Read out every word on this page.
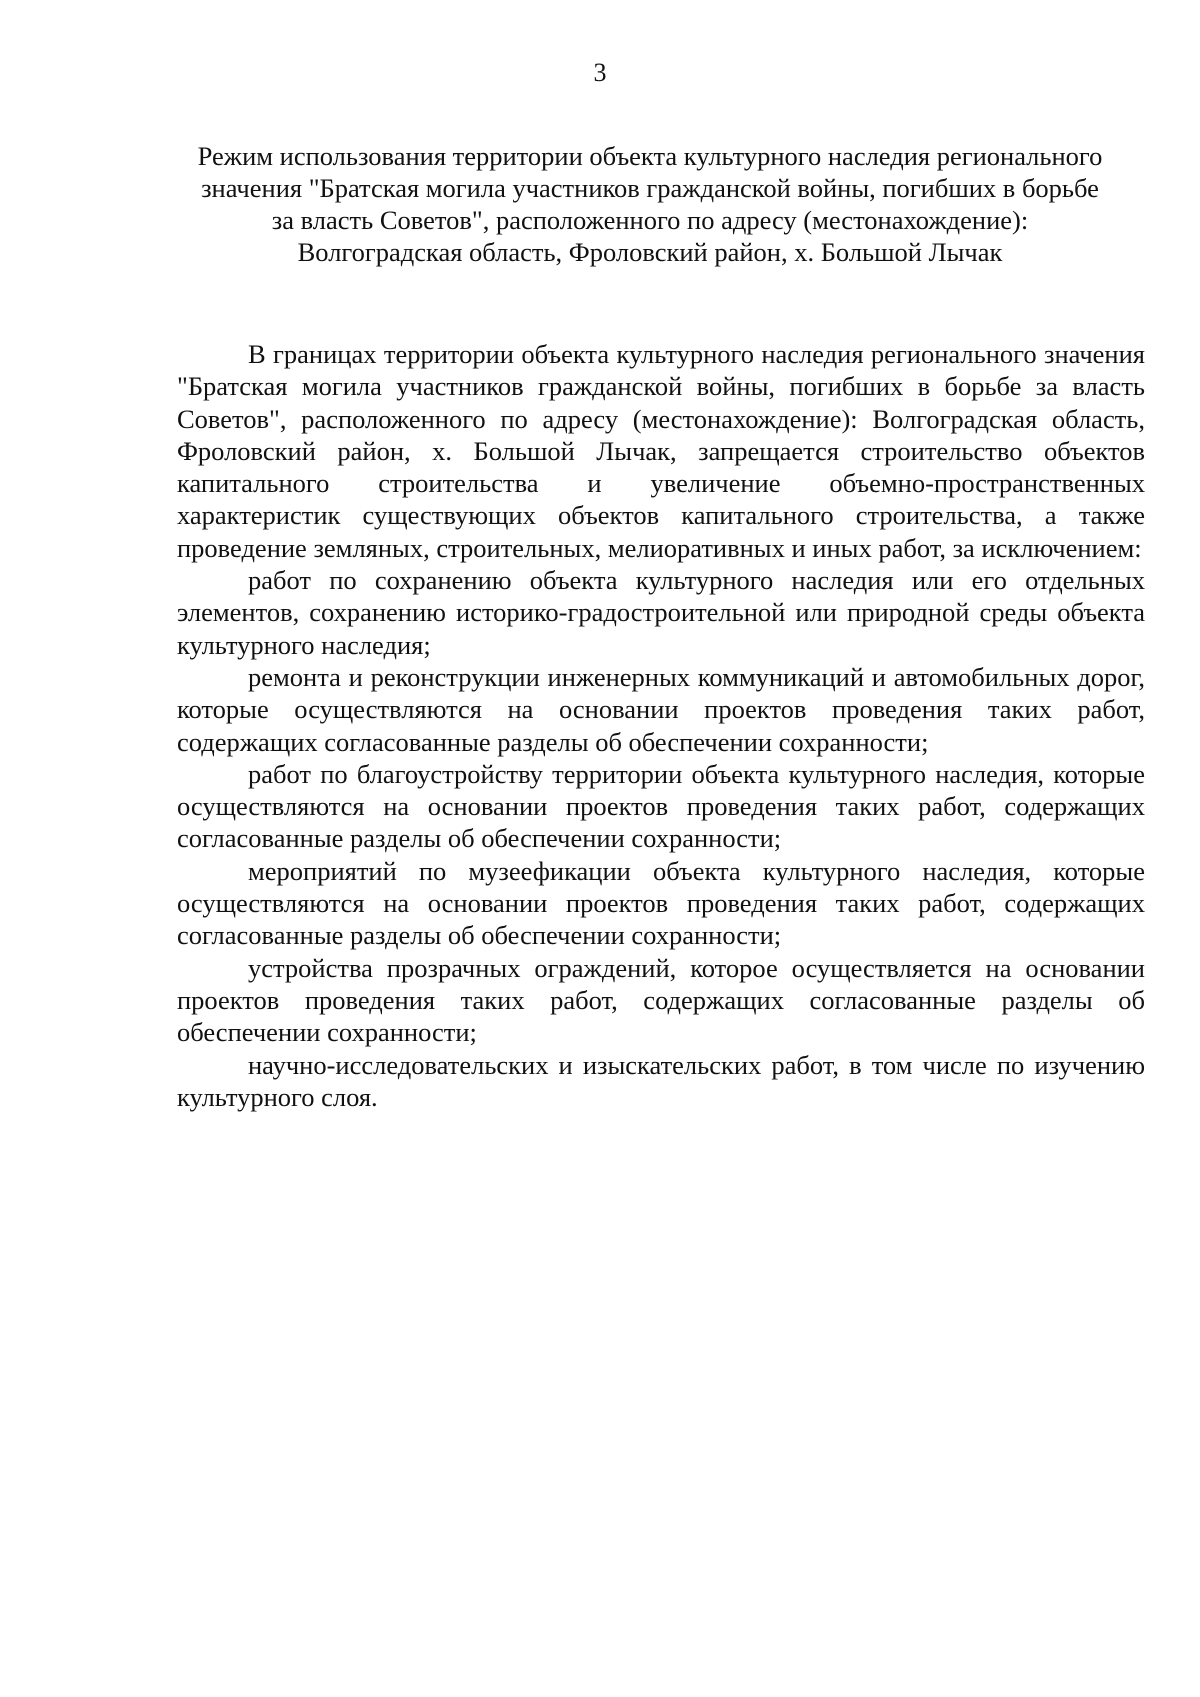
3
Режим использования территории объекта культурного наследия регионального значения "Братская могила участников гражданской войны, погибших в борьбе за власть Советов", расположенного по адресу (местонахождение): Волгоградская область, Фроловский район, х. Большой Лычак

В границах территории объекта культурного наследия регионального значения "Братская могила участников гражданской войны, погибших в борьбе за власть Советов", расположенного по адресу (местонахождение): Волгоградская область, Фроловский район, х. Большой Лычак, запрещается строительство объектов капитального строительства и увеличение объемно-пространственных характеристик существующих объектов капитального строительства, а также проведение земляных, строительных, мелиоративных и иных работ, за исключением:

работ по сохранению объекта культурного наследия или его отдельных элементов, сохранению историко-градостроительной или природной среды объекта культурного наследия;

ремонта и реконструкции инженерных коммуникаций и автомобильных дорог, которые осуществляются на основании проектов проведения таких работ, содержащих согласованные разделы об обеспечении сохранности;

работ по благоустройству территории объекта культурного наследия, которые осуществляются на основании проектов проведения таких работ, содержащих согласованные разделы об обеспечении сохранности;

мероприятий по музеефикации объекта культурного наследия, которые осуществляются на основании проектов проведения таких работ, содержащих согласованные разделы об обеспечении сохранности;

устройства прозрачных ограждений, которое осуществляется на основании проектов проведения таких работ, содержащих согласованные разделы об обеспечении сохранности;

научно-исследовательских и изыскательских работ, в том числе по изучению культурного слоя.
